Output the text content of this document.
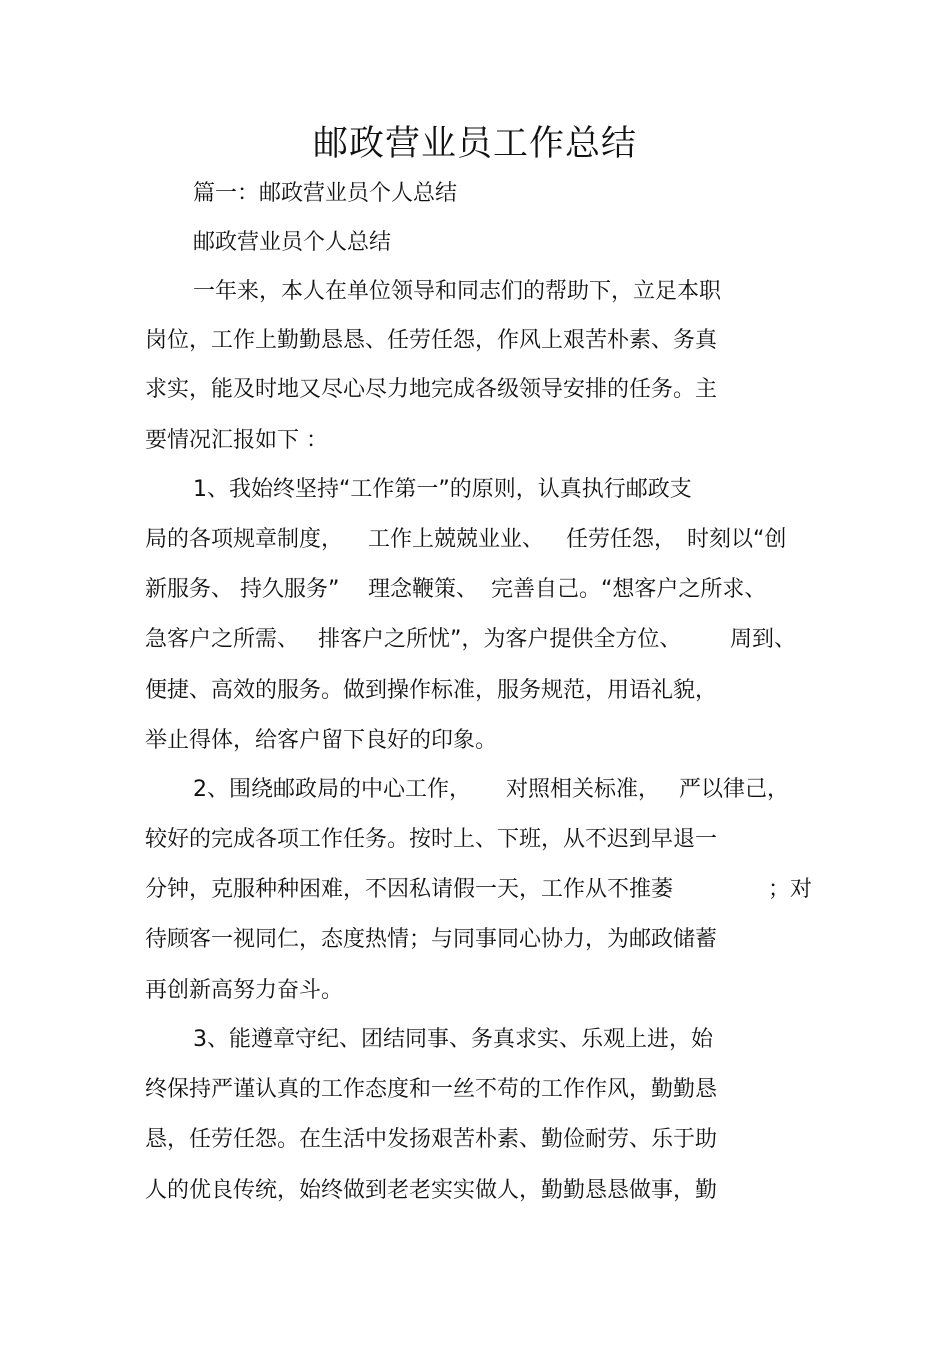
邮政营业员工作总结
篇一：邮政营业员个人总结
邮政营业员个人总结
一年来，本人在单位领导和同志们的帮助下，立足本职
岗位，工作上勤勤恳恳、任劳任怨，作风上艰苦朴素、务真
求实，能及时地又尽心尽力地完成各级领导安排的任务。主
要情况汇报如下 ：
1、我始终坚持“工作第一”的原则，认真执行邮政支
局的各项规章制度， 工作上兢兢业业、 任劳任怨， 时刻以“创
新服务、 持久服务” 理念鞭策、 完善自己。“想客户之所求、
急客户之所需、 排客户之所忧”，为客户提供全方位、 周到、
便捷、高效的服务。做到操作标准，服务规范，用语礼貌，
举止得体，给客户留下良好的印象。
2、围绕邮政局的中心工作， 对照相关标准， 严以律己，
较好的完成各项工作任务。按时上、下班，从不迟到早退一
分钟，克服种种困难，不因私请假一天，工作从不推萎	；对
待顾客一视同仁，态度热情；与同事同心协力，为邮政储蓄
再创新高努力奋斗。
3、能遵章守纪、团结同事、务真求实、乐观上进，始
终保持严谨认真的工作态度和一丝不苟的工作作风，勤勤恳
恳，任劳任怨。在生活中发扬艰苦朴素、勤俭耐劳、乐于助
人的优良传统，始终做到老老实实做人，勤勤恳恳做事，勤
